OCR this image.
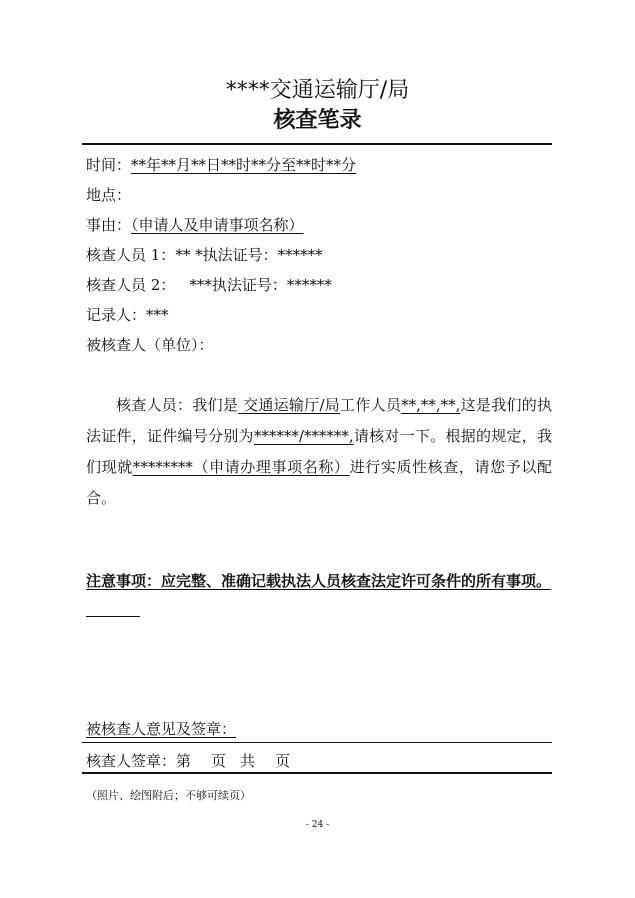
****交通运输厅/局
核查笔录
时间：**年**月**日**时**分至**时**分
地点：
事由：（申请人及申请事项名称）
核查人员 1：** *执法证号：******
核查人员 2： ***执法证号：******
记录人：***
被核查人（单位）：
核查人员：我们是 交通运输厅/局工作人员**,**,**,这是我们的执法证件，证件编号分别为******/******,请核对一下。根据的规定，我们现就********（申请办理事项名称）进行实质性核查，请您予以配合。
注意事项：应完整、准确记载执法人员核查法定许可条件的所有事项。
被核查人意见及签章：
核查人签章：第 页 共 页
（照片、绘图附后；不够可续页）
- 24 -
